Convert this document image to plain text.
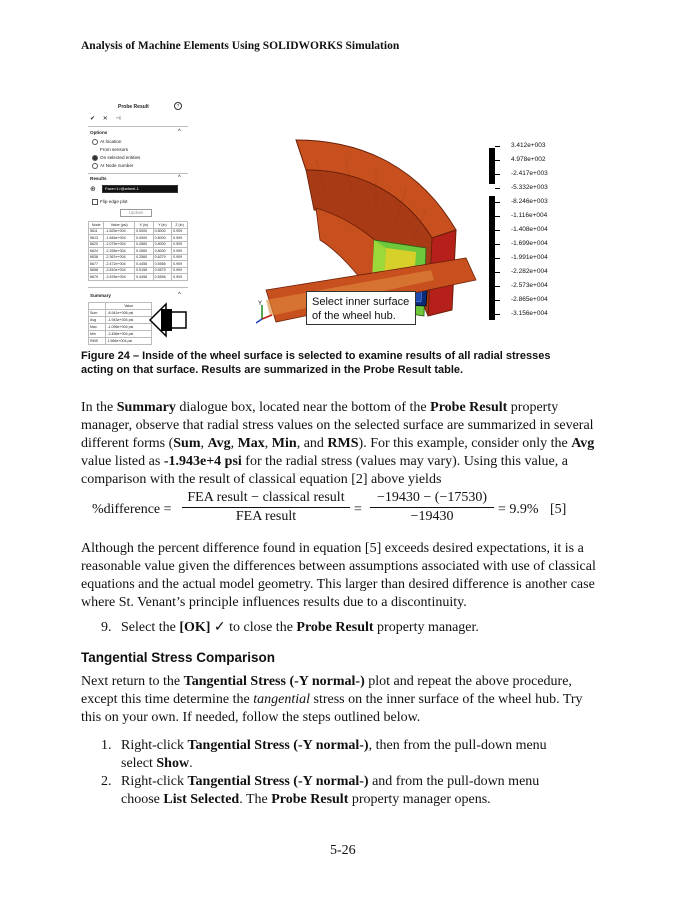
Analysis of Machine Elements Using SOLIDWORKS Simulation
Probe Result	?
✔ ✕ ⊣
Options	^
At location
From sensors
On selected entities
At Node number
Results	^
⊕	Face<1>@wheel-1
Flip edge plot
Update
Node	Value (psi)	X (in)	Y (in)	Z (in)
5611	-1.825e+004	0.0000	0.8000	0.909
5613	-1.845e+004	0.0000	0.8000	0.909
6620	-2.075e+004	0.2660	0.8000	0.909
6624	-2.255e+004	0.2660	0.8000	0.909
6636	-2.367e+004	0.2560	0.6279	0.909
6677	-2.472e+004	0.4456	0.5556	0.909
6658	-2.810e+004	0.5156	0.5579	0.909
6679	-2.876e+004	0.4456	0.5556	0.909
Summary	^
	Value
Sum	-8.941e+006 psi
Avg	-1.943e+004 psi
Max	-1.096e+004 psi
Min	-2.456e+004 psi
RMS	1.966e+004 psi
Y
3.412e+003
4.978e+002
-2.417e+003
-5.332e+003
-8.246e+003
-1.116e+004
-1.408e+004
-1.699e+004
-1.991e+004
-2.282e+004
-2.573e+004
-2.865e+004
-3.156e+004
Select inner surface of the wheel hub.
Figure 24 – Inside of the wheel surface is selected to examine results of all radial stresses acting on that surface. Results are summarized in the Probe Result table.
In the Summary dialogue box, located near the bottom of the Probe Result property manager, observe that radial stress values on the selected surface are summarized in several different forms (Sum, Avg, Max, Min, and RMS). For this example, consider only the Avg value listed as -1.943e+4 psi for the radial stress (values may vary). Using this value, a comparison with the result of classical equation [2] above yields
%difference =
FEA result − classical result
FEA result	=
−19430 − (−17530)
−19430	= 9.9% [5]
Although the percent difference found in equation [5] exceeds desired expectations, it is a reasonable value given the differences between assumptions associated with use of classical equations and the actual model geometry. This larger than desired difference is another case where St. Venant’s principle influences results due to a discontinuity.
9. Select the [OK] ✓ to close the Probe Result property manager.
Tangential Stress Comparison
Next return to the Tangential Stress (-Y normal-) plot and repeat the above procedure, except this time determine the tangential stress on the inner surface of the wheel hub. Try this on your own. If needed, follow the steps outlined below.
1. Right-click Tangential Stress (-Y normal-), then from the pull-down menu select Show.
2. Right-click Tangential Stress (-Y normal-) and from the pull-down menu choose List Selected. The Probe Result property manager opens.
5-26
